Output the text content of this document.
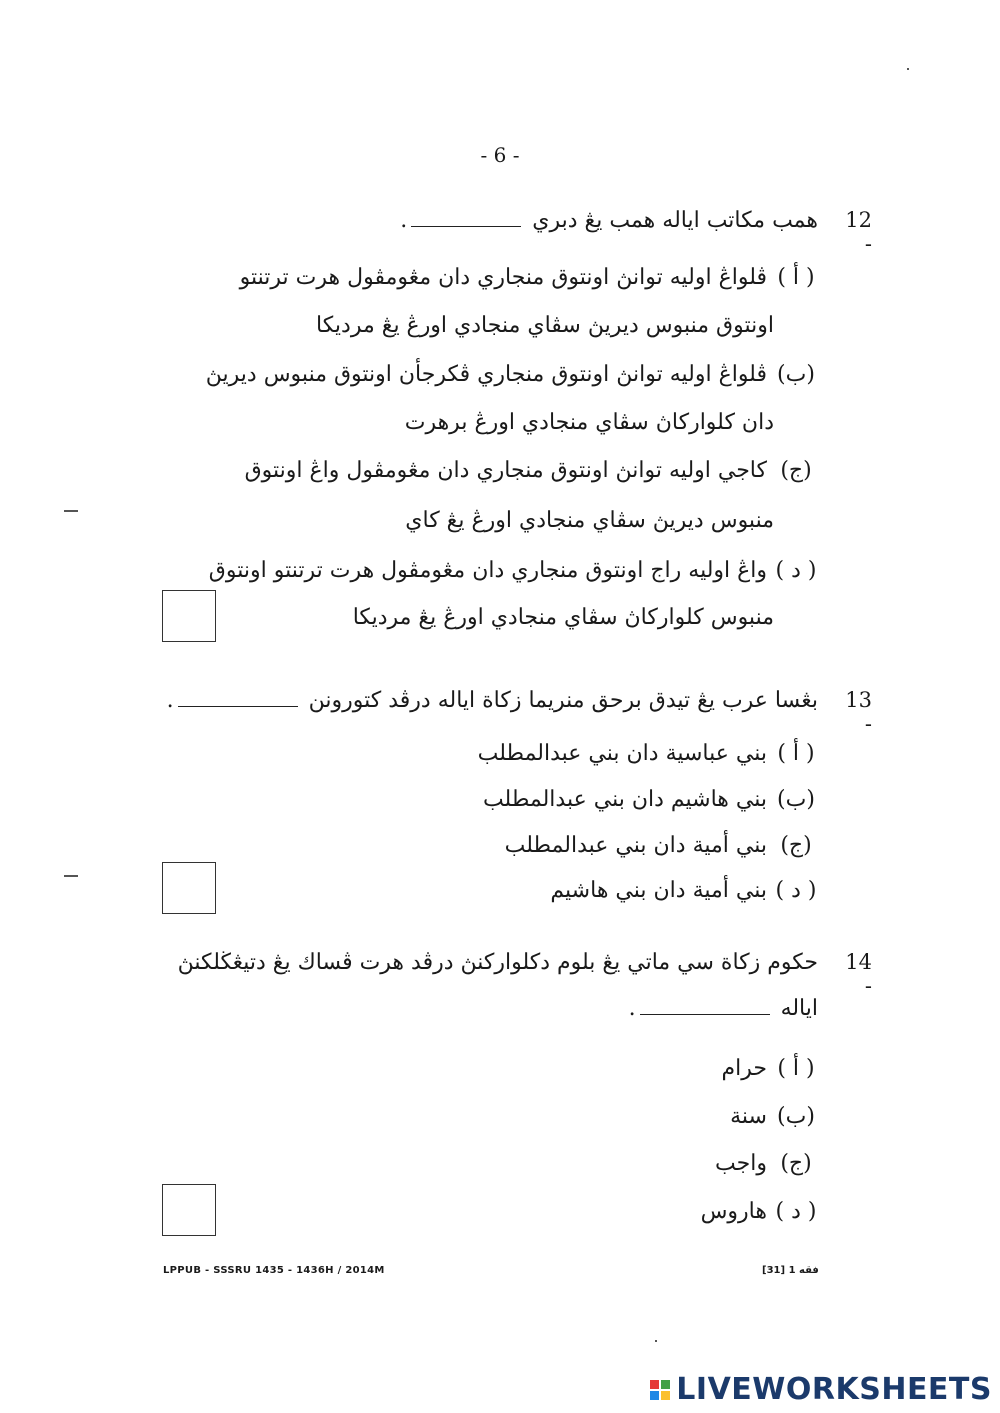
- 6 -
12 -
همب مكاتب اياله همب يڠ دبري .
( أ ) ڤلواڠ اوليه توانڽ اونتوق منجاري دان مڠومڤول هرت ترتنتو
اونتوق منبوس ديريڽ سڤاي منجادي اورڠ يڠ مرديكا
(ب) ڤلواڠ اوليه توانڽ اونتوق منجاري ڤكرجأن اونتوق منبوس ديريڽ
دان كلواركاڽ سڤاي منجادي اورڠ برهرت
(ج) كاجي اوليه توانڽ اونتوق منجاري دان مڠومڤول واڠ اونتوق
منبوس ديريڽ سڤاي منجادي اورڠ يڠ كاي
( د ) واڠ اوليه راج اونتوق منجاري دان مڠومڤول هرت ترتنتو اونتوق
منبوس كلواركاڽ سڤاي منجادي اورڠ يڠ مرديكا
13 -
بڠسا عرب يڠ تيدق برحق منريما زكاة اياله درڤد كتورونن .
( أ ) بني عباسية دان بني عبدالمطلب
(ب) بني هاشيم دان بني عبدالمطلب
(ج) بني أمية دان بني عبدالمطلب
( د ) بني أمية دان بني هاشيم
14 -
حكوم زكاة سي ماتي يڠ بلوم دكلواركنڽ درڤد هرت ڤساك يڠ دتيڠڬلكنڽ
اياله .
( أ ) حرام
(ب) سنة
(ج) واجب
( د ) هاروس
LPPUB - SSSRU 1435 - 1436H / 2014M	فقه 1 [31]
LIVEWORKSHEETS
